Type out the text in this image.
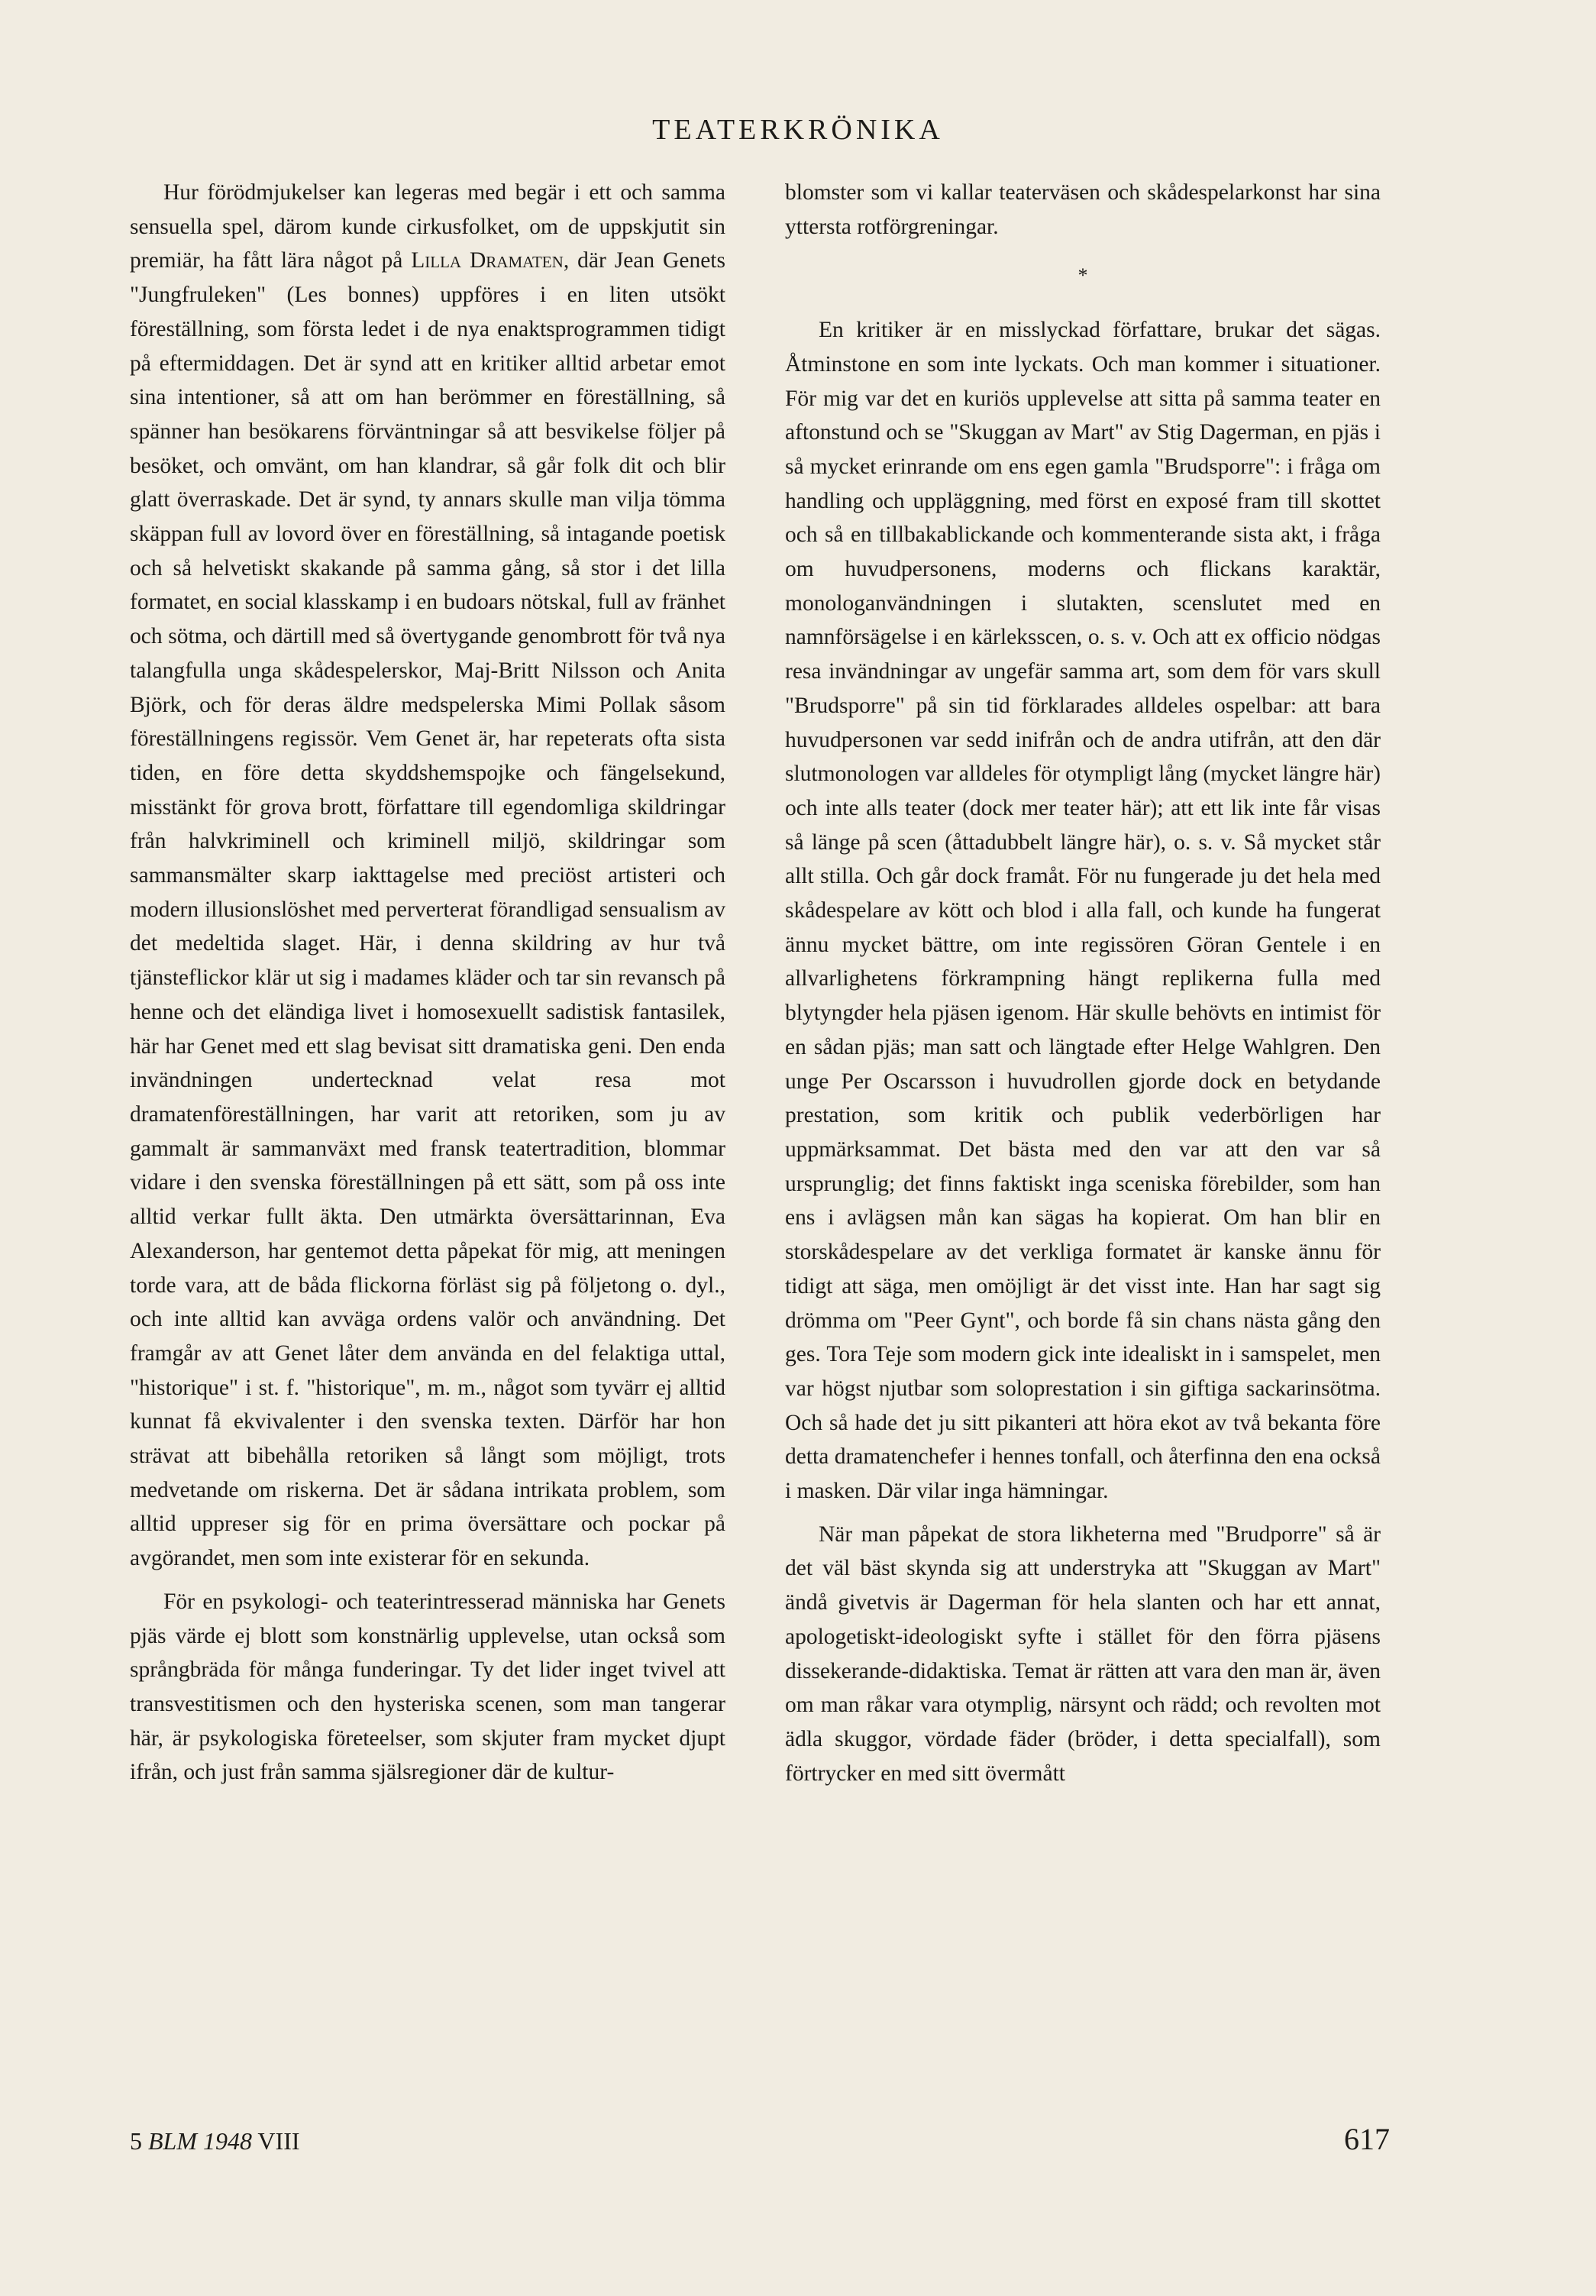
TEATERKRÖNIKA

Hur förödmjukelser kan legeras med begär i ett och samma sensuella spel, därom kunde cirkusfolket, om de uppskjutit sin premiär, ha fått lära något på Lilla Dramaten, där Jean Genets "Jungfruleken" (Les bonnes) uppföres i en liten utsökt föreställning, som första ledet i de nya enaktsprogrammen tidigt på eftermiddagen. Det är synd att en kritiker alltid arbetar emot sina intentioner, så att om han berömmer en föreställning, så spänner han besökarens förväntningar så att besvikelse följer på besöket, och omvänt, om han klandrar, så går folk dit och blir glatt överraskade. Det är synd, ty annars skulle man vilja tömma skäppan full av lovord över en föreställning, så intagande poetisk och så helvetiskt skakande på samma gång, så stor i det lilla formatet, en social klasskamp i en budoars nötskal, full av fränhet och sötma, och därtill med så övertygande genombrott för två nya talangfulla unga skådespelerskor, Maj-Britt Nilsson och Anita Björk, och för deras äldre medspelerska Mimi Pollak såsom föreställningens regissör. Vem Genet är, har repeterats ofta sista tiden, en före detta skyddshemspojke och fängelsekund, misstänkt för grova brott, författare till egendomliga skildringar från halvkriminell och kriminell miljö, skildringar som sammansmälter skarp iakttagelse med preciöst artisteri och modern illusionslöshet med perverterat förandligad sensualism av det medeltida slaget. Här, i denna skildring av hur två tjänsteflickor klär ut sig i madames kläder och tar sin revansch på henne och det eländiga livet i homosexuellt sadistisk fantasilek, här har Genet med ett slag bevisat sitt dramatiska geni. Den enda invändningen undertecknad velat resa mot dramatenföreställningen, har varit att retoriken, som ju av gammalt är sammanväxt med fransk teatertradition, blommar vidare i den svenska föreställningen på ett sätt, som på oss inte alltid verkar fullt äkta. Den utmärkta översättarinnan, Eva Alexanderson, har gentemot detta påpekat för mig, att meningen torde vara, att de båda flickorna förläst sig på följetong o. dyl., och inte alltid kan avväga ordens valör och användning. Det framgår av att Genet låter dem använda en del felaktiga uttal, "historique" i st. f. "historique", m. m., något som tyvärr ej alltid kunnat få ekvivalenter i den svenska texten. Därför har hon strävat att bibehålla retoriken så långt som möjligt, trots medvetande om riskerna. Det är sådana intrikata problem, som alltid uppreser sig för en prima översättare och pockar på avgörandet, men som inte existerar för en sekunda.

För en psykologi- och teaterintresserad människa har Genets pjäs värde ej blott som konstnärlig upplevelse, utan också som språngbräda för många funderingar. Ty det lider inget tvivel att transvestitismen och den hysteriska scenen, som man tangerar här, är psykologiska företeelser, som skjuter fram mycket djupt ifrån, och just från samma själsregioner där de kultur-

blomster som vi kallar teaterväsen och skådespelarkonst har sina yttersta rotförgreningar.

*

En kritiker är en misslyckad författare, brukar det sägas. Åtminstone en som inte lyckats. Och man kommer i situationer. För mig var det en kuriös upplevelse att sitta på samma teater en aftonstund och se "Skuggan av Mart" av Stig Dagerman, en pjäs i så mycket erinrande om ens egen gamla "Brudsporre": i fråga om handling och uppläggning, med först en exposé fram till skottet och så en tillbakablickande och kommenterande sista akt, i fråga om huvudpersonens, moderns och flickans karaktär, monologanvändningen i slutakten, scenslutet med en namnförsägelse i en kärleksscen, o. s. v. Och att ex officio nödgas resa invändningar av ungefär samma art, som dem för vars skull "Brudsporre" på sin tid förklarades alldeles ospelbar: att bara huvudpersonen var sedd inifrån och de andra utifrån, att den där slutmonologen var alldeles för otympligt lång (mycket längre här) och inte alls teater (dock mer teater här); att ett lik inte får visas så länge på scen (åttadubbelt längre här), o. s. v. Så mycket står allt stilla. Och går dock framåt. För nu fungerade ju det hela med skådespelare av kött och blod i alla fall, och kunde ha fungerat ännu mycket bättre, om inte regissören Göran Gentele i en allvarlighetens förkrampning hängt replikerna fulla med blytyngder hela pjäsen igenom. Här skulle behövts en intimist för en sådan pjäs; man satt och längtade efter Helge Wahlgren. Den unge Per Oscarsson i huvudrollen gjorde dock en betydande prestation, som kritik och publik vederbörligen har uppmärksammat. Det bästa med den var att den var så ursprunglig; det finns faktiskt inga sceniska förebilder, som han ens i avlägsen mån kan sägas ha kopierat. Om han blir en storskådespelare av det verkliga formatet är kanske ännu för tidigt att säga, men omöjligt är det visst inte. Han har sagt sig drömma om "Peer Gynt", och borde få sin chans nästa gång den ges. Tora Teje som modern gick inte idealiskt in i samspelet, men var högst njutbar som soloprestation i sin giftiga sackarinsötma. Och så hade det ju sitt pikanteri att höra ekot av två bekanta före detta dramatenchefer i hennes tonfall, och återfinna den ena också i masken. Där vilar inga hämningar.

När man påpekat de stora likheterna med "Brudporre" så är det väl bäst skynda sig att understryka att "Skuggan av Mart" ändå givetvis är Dagerman för hela slanten och har ett annat, apologetiskt-ideologiskt syfte i stället för den förra pjäsens dissekerande-didaktiska. Temat är rätten att vara den man är, även om man råkar vara otymplig, närsynt och rädd; och revolten mot ädla skuggor, vördade fäder (bröder, i detta specialfall), som förtrycker en med sitt övermått

5 BLM 1948 VIII	617
